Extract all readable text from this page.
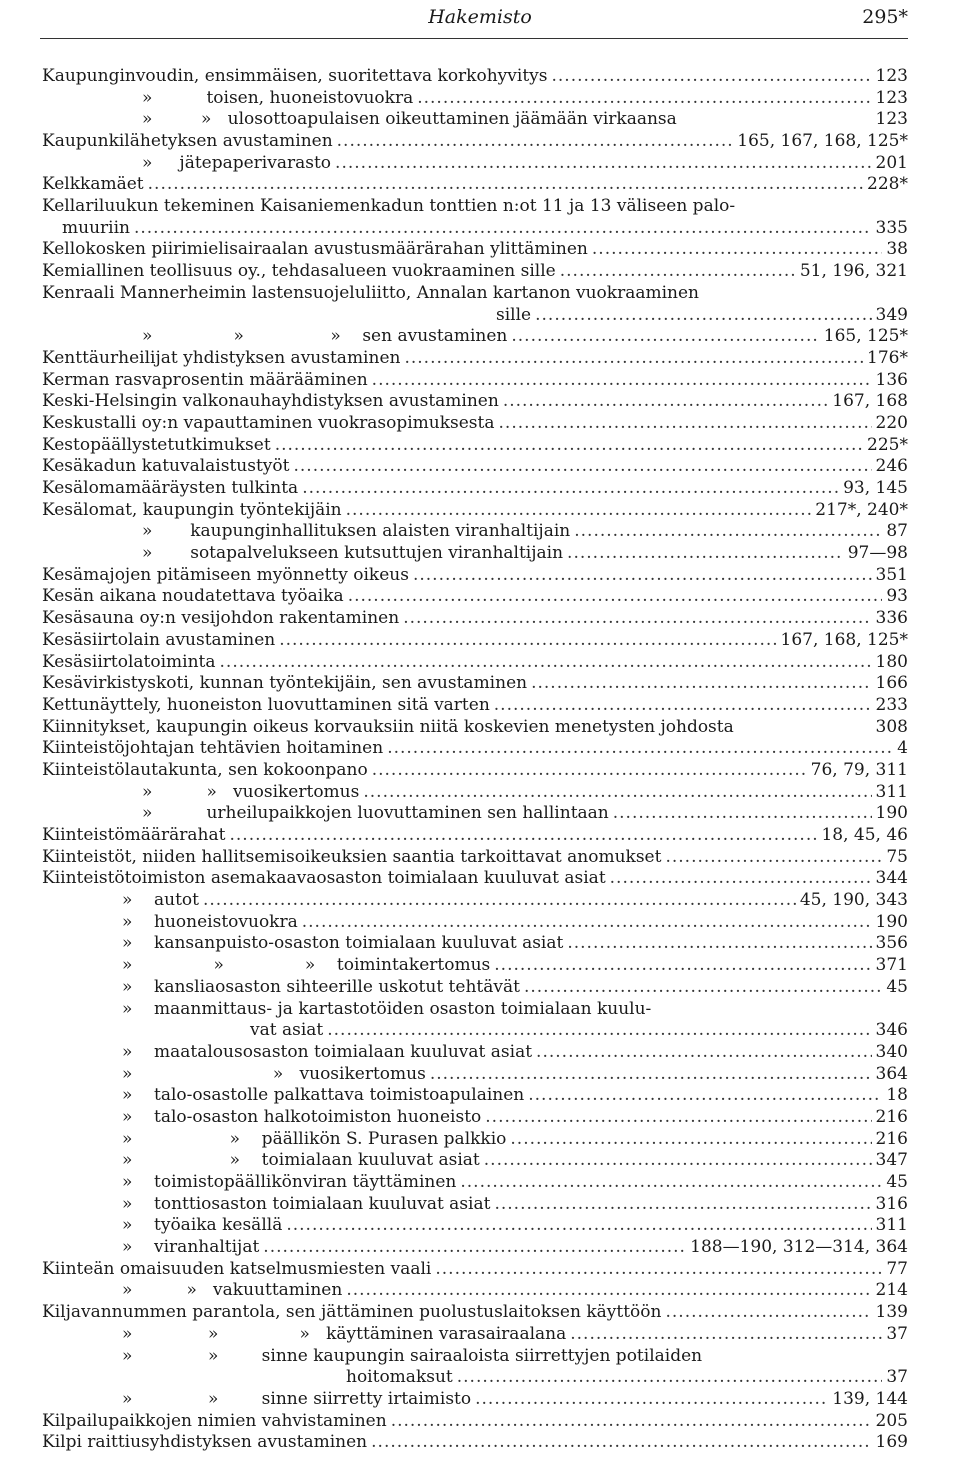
Hakemisto	295*
Kaupunginvoudin, ensimmäisen, suoritettava korkohyvitys .....	123
»          toisen, huoneistovuokra .....	123
»         »   ulosottoapulaisen oikeuttaminen jäämään virkaansa	123
Kaupunkilähetyksen avustaminen .....	165, 167, 168, 125*
»     jätepaperivarasto .....	201
Kelkkamäet .....	228*
Kellariluukun tekeminen Kaisaniemenkadun tonttien n:ot 11 ja 13 väliseen palo-
muuriin .....	335
Kellokosken piirimielisairaalan avustusmäärärahan ylittäminen .....	38
Kemiallinen teollisuus oy., tehdasalueen vuokraaminen sille .....	51, 196, 321
Kenraali Mannerheimin lastensuojeluliitto, Annalan kartanon vuokraaminen
sille .....	349
»               »                »    sen avustaminen .....	165, 125*
Kenttäurheilijat yhdistyksen avustaminen .....	176*
Kerman rasvaprosentin määrääminen .....	136
Keski-Helsingin valkonauhayhdistyksen avustaminen .....	167, 168
Keskustalli oy:n vapauttaminen vuokrasopimuksesta .....	220
Kestopäällystetutkimukset .....	225*
Kesäkadun katuvalaistustyöt .....	246
Kesälomamääräysten tulkinta .....	93, 145
Kesälomat, kaupungin työntekijäin .....	217*, 240*
»       kaupunginhallituksen alaisten viranhaltijain .....	87
»       sotapalvelukseen kutsuttujen viranhaltijain .....	97—98
Kesämajojen pitämiseen myönnetty oikeus .....	351
Kesän aikana noudatettava työaika .....	93
Kesäsauna oy:n vesijohdon rakentaminen .....	336
Kesäsiirtolain avustaminen .....	167, 168, 125*
Kesäsiirtolatoiminta .....	180
Kesävirkistyskoti, kunnan työntekijäin, sen avustaminen .....	166
Kettunäyttely, huoneiston luovuttaminen sitä varten .....	233
Kiinnitykset, kaupungin oikeus korvauksiin niitä koskevien menetysten johdosta	308
Kiinteistöjohtajan tehtävien hoitaminen .....	4
Kiinteistölautakunta, sen kokoonpano .....	76, 79, 311
»          »   vuosikertomus .....	311
»          urheilupaikkojen luovuttaminen sen hallintaan .....	190
Kiinteistömäärärahat .....	18, 45, 46
Kiinteistöt, niiden hallitsemisoikeuksien saantia tarkoittavat anomukset .....	75
Kiinteistötoimiston asemakaavaosaston toimialaan kuuluvat asiat .....	344
»    autot .....	45, 190, 343
»    huoneistovuokra .....	190
»    kansanpuisto-osaston toimialaan kuuluvat asiat .....	356
»               »               »    toimintakertomus .....	371
»    kansliaosaston sihteerille uskotut tehtävät .....	45
»    maanmittaus- ja kartastotöiden osaston toimialaan kuulu-
vat asiat .....	346
»    maatalousosaston toimialaan kuuluvat asiat .....	340
»                          »   vuosikertomus .....	364
»    talo-osastolle palkattava toimistoapulainen .....	18
»    talo-osaston halkotoimiston huoneisto .....	216
»                  »    päällikön S. Purasen palkkio .....	216
»                  »    toimialaan kuuluvat asiat .....	347
»    toimistopäällikönviran täyttäminen .....	45
»    tonttiosaston toimialaan kuuluvat asiat .....	316
»    työaika kesällä .....	311
»    viranhaltijat .....	188—190, 312—314, 364
Kiinteän omaisuuden katselmusmiesten vaali .....	77
»          »   vakuuttaminen .....	214
Kiljavannummen parantola, sen jättäminen puolustuslaitoksen käyttöön .....	139
»              »               »   käyttäminen varasairaalana .....	37
»              »        sinne kaupungin sairaaloista siirrettyjen potilaiden
hoitomaksut .....	37
»              »        sinne siirretty irtaimisto .....	139, 144
Kilpailupaikkojen nimien vahvistaminen .....	205
Kilpi raittiusyhdistyksen avustaminen .....	169
